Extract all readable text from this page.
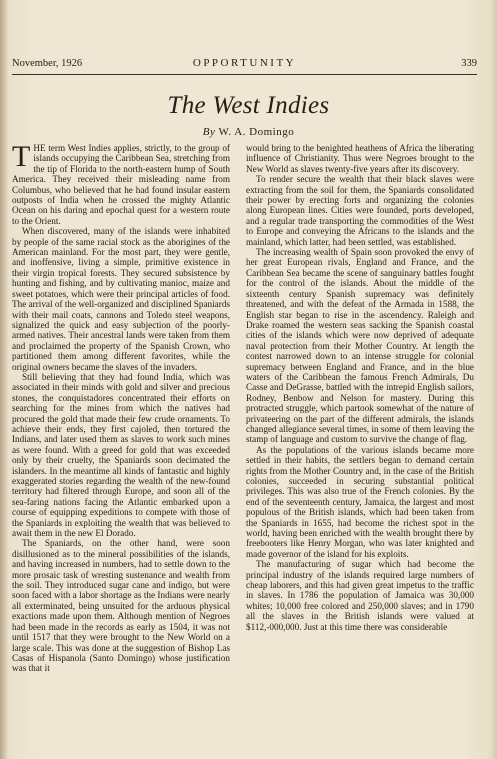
November, 1926	OPPORTUNITY	339
The West Indies
By W. A. Domingo

THE term West Indies applies, strictly, to the group of islands occupying the Caribbean Sea, stretching from the tip of Florida to the north-eastern hump of South America. They received their misleading name from Columbus, who believed that he had found insular eastern outposts of India when he crossed the mighty Atlantic Ocean on his daring and epochal quest for a western route to the Orient.

When discovered, many of the islands were inhabited by people of the same racial stock as the aborigines of the American mainland. For the most part, they were gentle, and inoffensive, living a simple, primitive existence in their virgin tropical forests. They secured subsistence by hunting and fishing, and by cultivating manioc, maize and sweet potatoes, which were their principal articles of food. The arrival of the well-organized and disciplined Spaniards with their mail coats, cannons and Toledo steel weapons, signalized the quick and easy subjection of the poorly-armed natives. Their ancestral lands were taken from them and proclaimed the property of the Spanish Crown, who partitioned them among different favorites, while the original owners became the slaves of the invaders.

Still believing that they had found India, which was associated in their minds with gold and silver and precious stones, the conquistadores concentrated their efforts on searching for the mines from which the natives had procured the gold that made their few crude ornaments. To achieve their ends, they first cajoled, then tortured the Indians, and later used them as slaves to work such mines as were found. With a greed for gold that was exceeded only by their cruelty, the Spaniards soon decimated the islanders. In the meantime all kinds of fantastic and highly exaggerated stories regarding the wealth of the new-found territory had filtered through Europe, and soon all of the sea-faring nations facing the Atlantic embarked upon a course of equipping expeditions to compete with those of the Spaniards in exploiting the wealth that was believed to await them in the new El Dorado.

The Spaniards, on the other hand, were soon disillusioned as to the mineral possibilities of the islands, and having increased in numbers, had to settle down to the more prosaic task of wresting sustenance and wealth from the soil. They introduced sugar cane and indigo, but were soon faced with a labor shortage as the Indians were nearly all exterminated, being unsuited for the arduous physical exactions made upon them. Although mention of Negroes had been made in the records as early as 1504, it was not until 1517 that they were brought to the New World on a large scale. This was done at the suggestion of Bishop Las Casas of Hispanola (Santo Domingo) whose justification was that it

would bring to the benighted heathens of Africa the liberating influence of Christianity. Thus were Negroes brought to the New World as slaves twenty-five years after its discovery.

To render secure the wealth that their black slaves were extracting from the soil for them, the Spaniards consolidated their power by erecting forts and organizing the colonies along European lines. Cities were founded, ports developed, and a regular trade transporting the commodities of the West to Europe and conveying the Africans to the islands and the mainland, which latter, had been settled, was established.

The increasing wealth of Spain soon provoked the envy of her great European rivals, England and France, and the Caribbean Sea became the scene of sanguinary battles fought for the control of the islands. About the middle of the sixteenth century Spanish supremacy was definitely threatened, and with the defeat of the Armada in 1588, the English star began to rise in the ascendency. Raleigh and Drake roamed the western seas sacking the Spanish coastal cities of the islands which were now deprived of adequate naval protection from their Mother Country. At length the contest narrowed down to an intense struggle for colonial supremacy between England and France, and in the blue waters of the Caribbean the famous French Admirals, Du Casse and DeGrasse, battled with the intrepid English sailors, Rodney, Benbow and Nelson for mastery. During this protracted struggle, which partook somewhat of the nature of privateering on the part of the different admirals, the islands changed allegiance several times, in some of them leaving the stamp of language and custom to survive the change of flag.

As the populations of the various islands became more settled in their habits, the settlers began to demand certain rights from the Mother Country and, in the case of the British colonies, succeeded in securing substantial political privileges. This was also true of the French colonies. By the end of the seventeenth century, Jamaica, the largest and most populous of the British islands, which had been taken from the Spaniards in 1655, had become the richest spot in the world, having been enriched with the wealth brought there by freebooters like Henry Morgan, who was later knighted and made governor of the island for his exploits.

The manufacturing of sugar which had become the principal industry of the islands required large numbers of cheap laborers, and this had given great impetus to the traffic in slaves. In 1786 the population of Jamaica was 30,000 whites; 10,000 free colored and 250,000 slaves; and in 1790 all the slaves in the British islands were valued at $112,-000,000. Just at this time there was considerable
